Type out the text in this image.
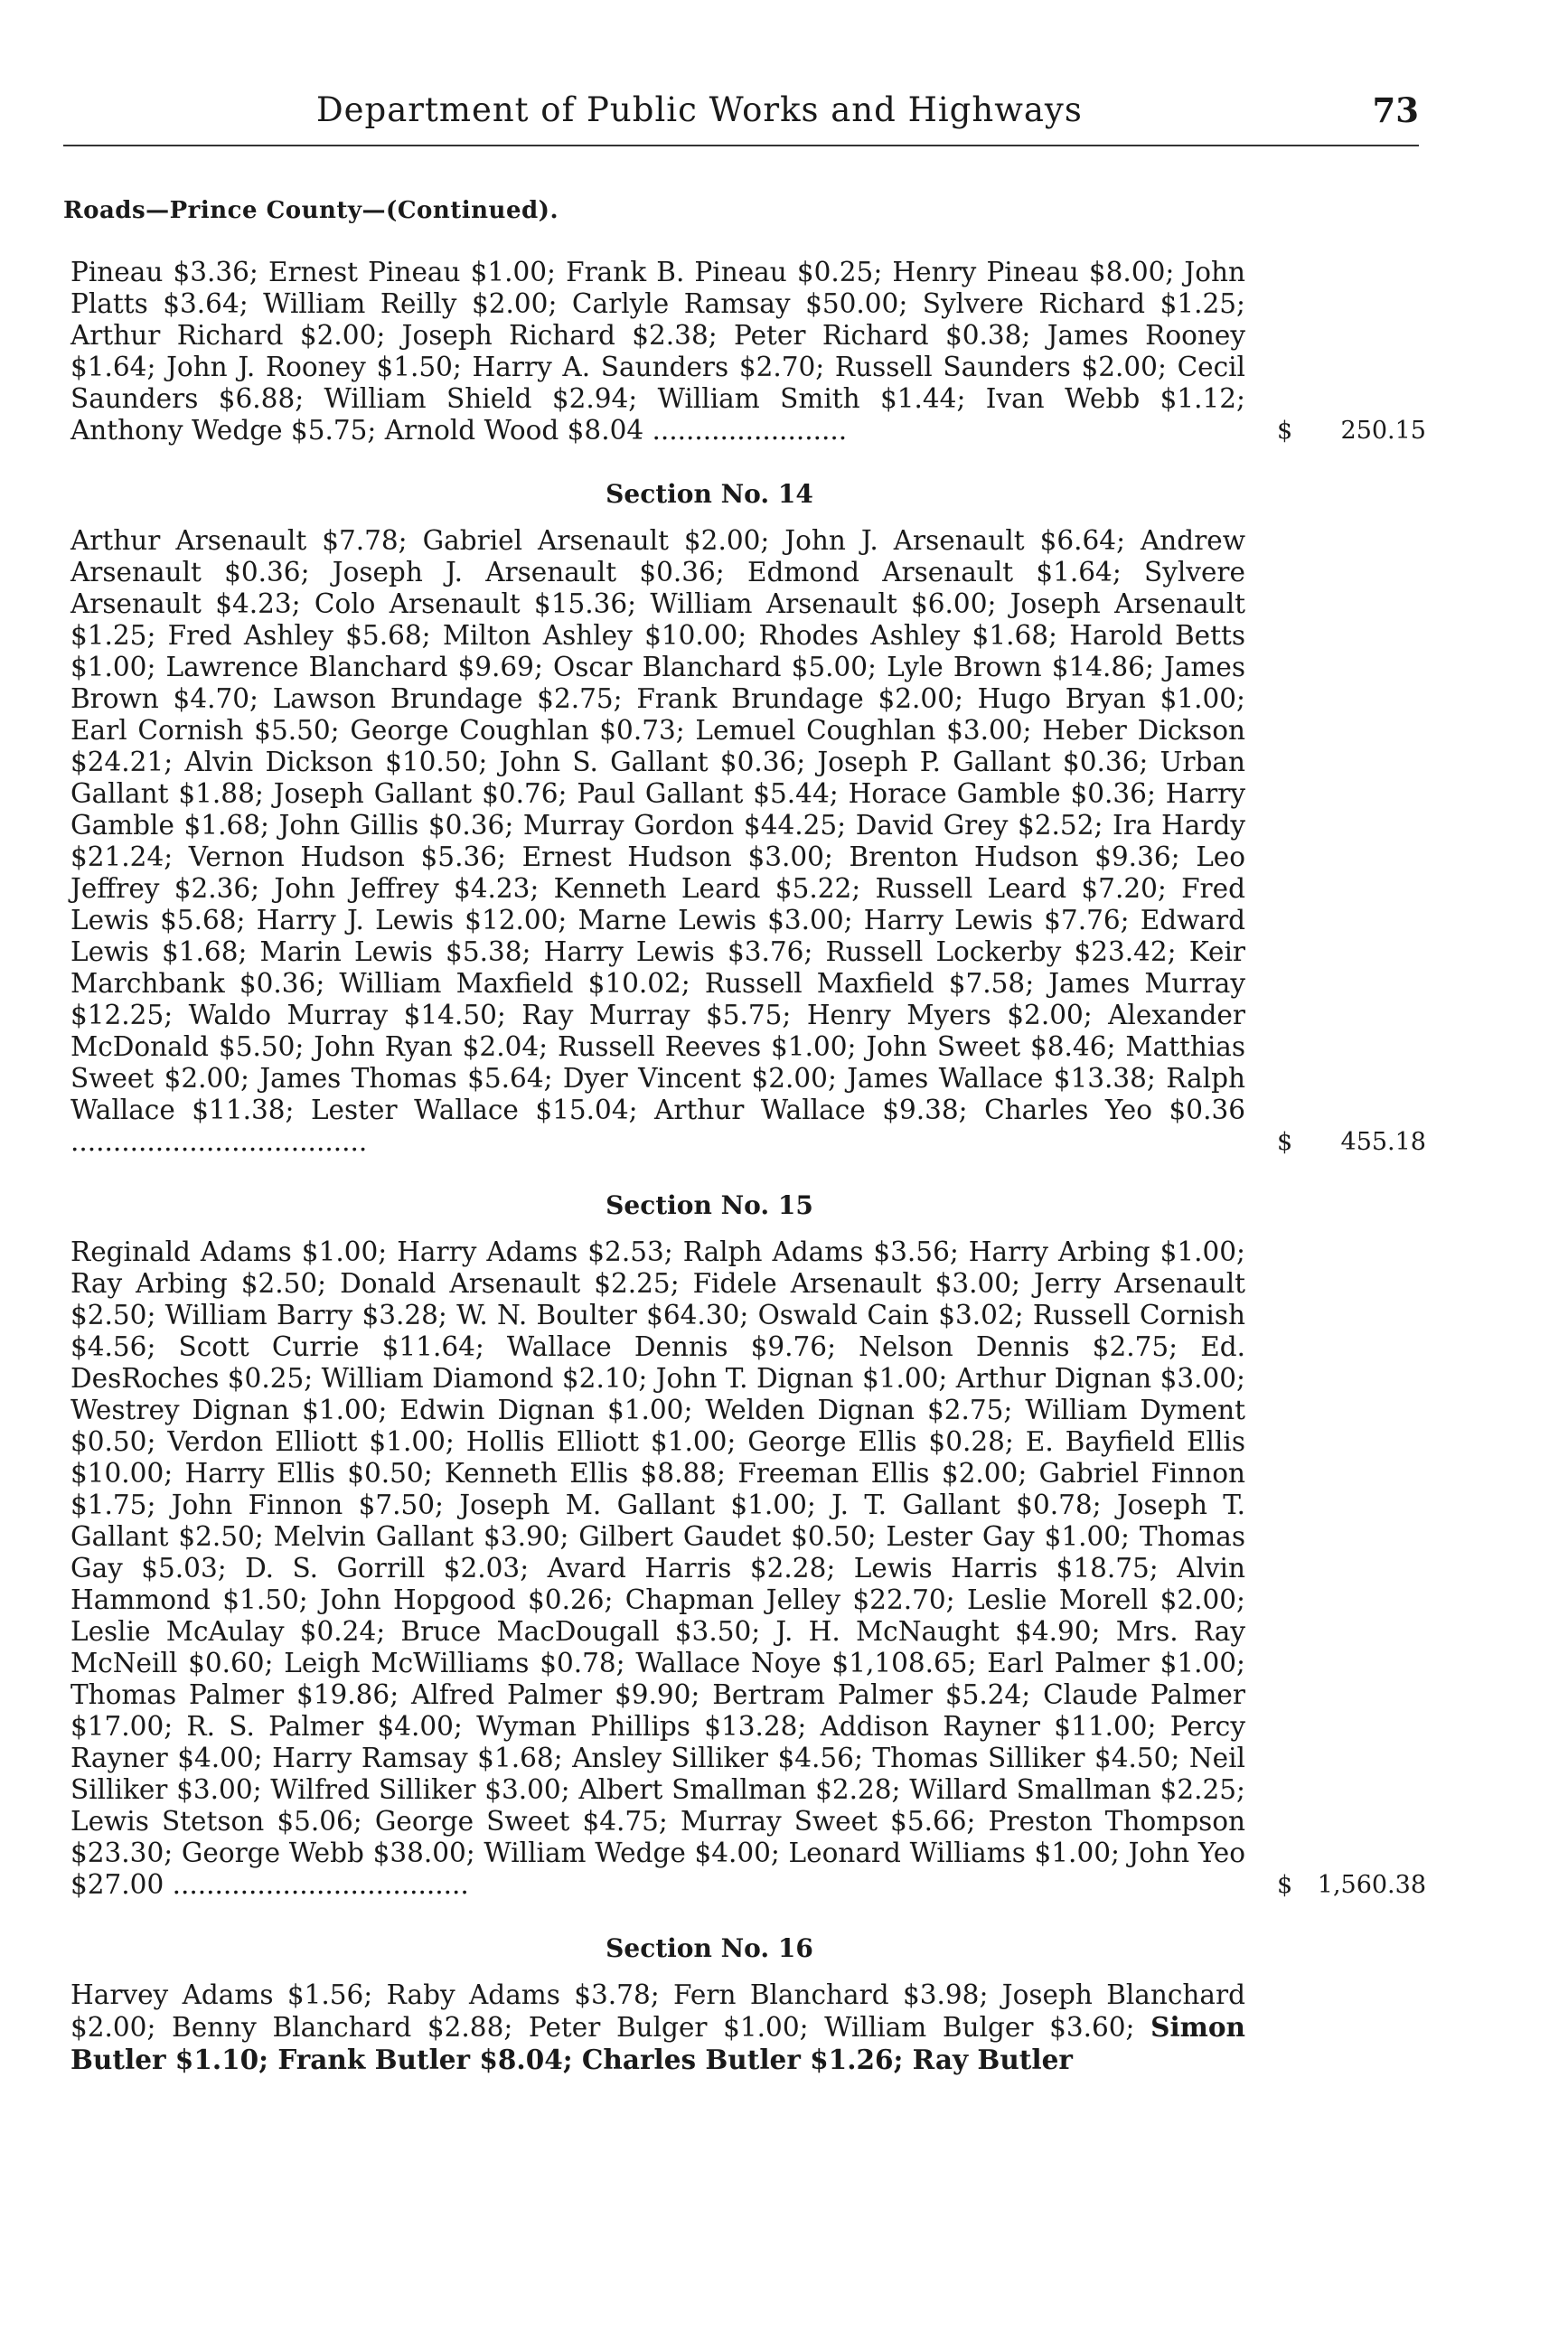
Department of Public Works and Highways	73
Roads—Prince County—(Continued).
Pineau $3.36; Ernest Pineau $1.00; Frank B. Pineau $0.25; Henry Pineau $8.00; John Platts $3.64; William Reilly $2.00; Carlyle Ramsay $50.00; Sylvere Richard $1.25; Arthur Richard $2.00; Joseph Richard $2.38; Peter Richard $0.38; James Rooney $1.64; John J. Rooney $1.50; Harry A. Saunders $2.70; Russell Saunders $2.00; Cecil Saunders $6.88; William Shield $2.94; William Smith $1.44; Ivan Webb $1.12; Anthony Wedge $5.75; Arnold Wood $8.04 .......................	$ 250.15
Section No. 14
Arthur Arsenault $7.78; Gabriel Arsenault $2.00; John J. Arsenault $6.64; Andrew Arsenault $0.36; Joseph J. Arsenault $0.36; Edmond Arsenault $1.64; Sylvere Arsenault $4.23; Colo Arsenault $15.36; William Arsenault $6.00; Joseph Arsenault $1.25; Fred Ashley $5.68; Milton Ashley $10.00; Rhodes Ashley $1.68; Harold Betts $1.00; Lawrence Blanchard $9.69; Oscar Blanchard $5.00; Lyle Brown $14.86; James Brown $4.70; Lawson Brundage $2.75; Frank Brundage $2.00; Hugo Bryan $1.00; Earl Cornish $5.50; George Coughlan $0.73; Lemuel Coughlan $3.00; Heber Dickson $24.21; Alvin Dickson $10.50; John S. Gallant $0.36; Joseph P. Gallant $0.36; Urban Gallant $1.88; Joseph Gallant $0.76; Paul Gallant $5.44; Horace Gamble $0.36; Harry Gamble $1.68; John Gillis $0.36; Murray Gordon $44.25; David Grey $2.52; Ira Hardy $21.24; Vernon Hudson $5.36; Ernest Hudson $3.00; Brenton Hudson $9.36; Leo Jeffrey $2.36; John Jeffrey $4.23; Kenneth Leard $5.22; Russell Leard $7.20; Fred Lewis $5.68; Harry J. Lewis $12.00; Marne Lewis $3.00; Harry Lewis $7.76; Edward Lewis $1.68; Marin Lewis $5.38; Harry Lewis $3.76; Russell Lockerby $23.42; Keir Marchbank $0.36; William Maxfield $10.02; Russell Maxfield $7.58; James Murray $12.25; Waldo Murray $14.50; Ray Murray $5.75; Henry Myers $2.00; Alexander McDonald $5.50; John Ryan $2.04; Russell Reeves $1.00; John Sweet $8.46; Matthias Sweet $2.00; James Thomas $5.64; Dyer Vincent $2.00; James Wallace $13.38; Ralph Wallace $11.38; Lester Wallace $15.04; Arthur Wallace $9.38; Charles Yeo $0.36 ...................................	$ 455.18
Section No. 15
Reginald Adams $1.00; Harry Adams $2.53; Ralph Adams $3.56; Harry Arbing $1.00; Ray Arbing $2.50; Donald Arsenault $2.25; Fidele Arsenault $3.00; Jerry Arsenault $2.50; William Barry $3.28; W. N. Boulter $64.30; Oswald Cain $3.02; Russell Cornish $4.56; Scott Currie $11.64; Wallace Dennis $9.76; Nelson Dennis $2.75; Ed. DesRoches $0.25; William Diamond $2.10; John T. Dignan $1.00; Arthur Dignan $3.00; Westrey Dignan $1.00; Edwin Dignan $1.00; Welden Dignan $2.75; William Dyment $0.50; Verdon Elliott $1.00; Hollis Elliott $1.00; George Ellis $0.28; E. Bayfield Ellis $10.00; Harry Ellis $0.50; Kenneth Ellis $8.88; Freeman Ellis $2.00; Gabriel Finnon $1.75; John Finnon $7.50; Joseph M. Gallant $1.00; J. T. Gallant $0.78; Joseph T. Gallant $2.50; Melvin Gallant $3.90; Gilbert Gaudet $0.50; Lester Gay $1.00; Thomas Gay $5.03; D. S. Gorrill $2.03; Avard Harris $2.28; Lewis Harris $18.75; Alvin Hammond $1.50; John Hopgood $0.26; Chapman Jelley $22.70; Leslie Morell $2.00; Leslie McAulay $0.24; Bruce MacDougall $3.50; J. H. McNaught $4.90; Mrs. Ray McNeill $0.60; Leigh McWilliams $0.78; Wallace Noye $1,108.65; Earl Palmer $1.00; Thomas Palmer $19.86; Alfred Palmer $9.90; Bertram Palmer $5.24; Claude Palmer $17.00; R. S. Palmer $4.00; Wyman Phillips $13.28; Addison Rayner $11.00; Percy Rayner $4.00; Harry Ramsay $1.68; Ansley Silliker $4.56; Thomas Silliker $4.50; Neil Silliker $3.00; Wilfred Silliker $3.00; Albert Smallman $2.28; Willard Smallman $2.25; Lewis Stetson $5.06; George Sweet $4.75; Murray Sweet $5.66; Preston Thompson $23.30; George Webb $38.00; William Wedge $4.00; Leonard Williams $1.00; John Yeo $27.00 ...................................	$ 1,560.38
Section No. 16
Harvey Adams $1.56; Raby Adams $3.78; Fern Blanchard $3.98; Joseph Blanchard $2.00; Benny Blanchard $2.88; Peter Bulger $1.00; William Bulger $3.60; Simon Butler $1.10; Frank Butler $8.04; Charles Butler $1.26; Ray Butler
